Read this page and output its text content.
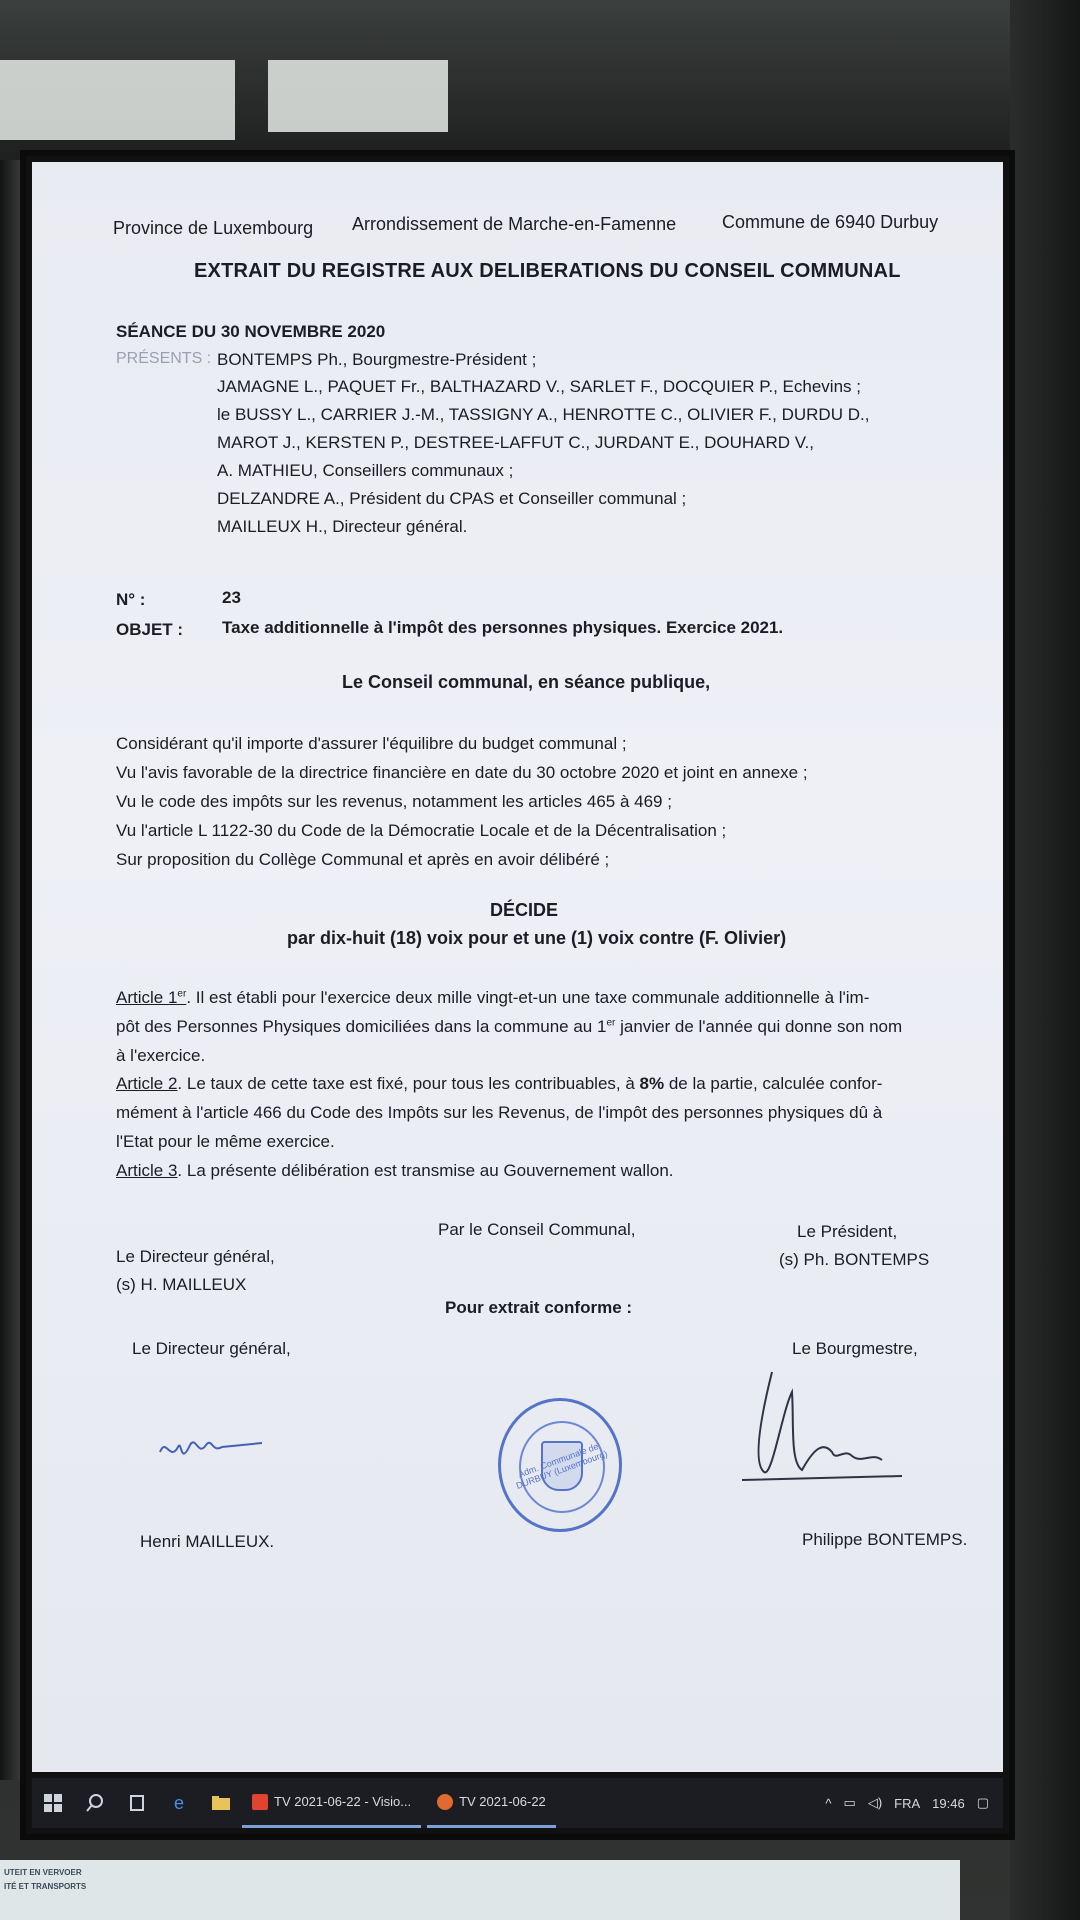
Province de Luxembourg Arrondissement de Marche-en-Famenne	Commune de 6940 Durbuy
EXTRAIT DU REGISTRE AUX DELIBERATIONS DU CONSEIL COMMUNAL
SÉANCE DU 30 NOVEMBRE 2020
PRÉSENTS : BONTEMPS Ph., Bourgmestre-Président ;
JAMAGNE L., PAQUET Fr., BALTHAZARD V., SARLET F., DOCQUIER P., Echevins ;
le BUSSY L., CARRIER J.-M., TASSIGNY A., HENROTTE C., OLIVIER F., DURDU D.,
MAROT J., KERSTEN P., DESTREE-LAFFUT C., JURDANT E., DOUHARD V.,
A. MATHIEU, Conseillers communaux ;
DELZANDRE A., Président du CPAS et Conseiller communal ;
MAILLEUX H., Directeur général.
N° :	23
OBJET : Taxe additionnelle à l'impôt des personnes physiques. Exercice 2021.
Le Conseil communal, en séance publique,
Considérant qu'il importe d'assurer l'équilibre du budget communal ;
Vu l'avis favorable de la directrice financière en date du 30 octobre 2020 et joint en annexe ;
Vu le code des impôts sur les revenus, notamment les articles 465 à 469 ;
Vu l'article L 1122-30 du Code de la Démocratie Locale et de la Décentralisation ;
Sur proposition du Collège Communal et après en avoir délibéré ;
DÉCIDE
par dix-huit (18) voix pour et une (1) voix contre (F. Olivier)
Article 1er. Il est établi pour l'exercice deux mille vingt-et-un une taxe communale additionnelle à l'im-
pôt des Personnes Physiques domiciliées dans la commune au 1er janvier de l'année qui donne son nom
à l'exercice.
Article 2. Le taux de cette taxe est fixé, pour tous les contribuables, à 8% de la partie, calculée confor-
mément à l'article 466 du Code des Impôts sur les Revenus, de l'impôt des personnes physiques dû à
l'Etat pour le même exercice.
Article 3. La présente délibération est transmise au Gouvernement wallon.
Par le Conseil Communal,
Le Directeur général,
(s) H. MAILLEUX
Le Président,
(s) Ph. BONTEMPS
Pour extrait conforme :
Le Directeur général,	Le Bourgmestre,
Adm. Communale de DURBUY (Luxembourg)
Henri MAILLEUX.	Philippe BONTEMPS.
e	TV 2021-06-22 - Visio...	TV 2021-06-22	^ ▭ ◁) FRA 19:46 ▢
UTEIT EN VERVOER
ITÉ ET TRANSPORTS
